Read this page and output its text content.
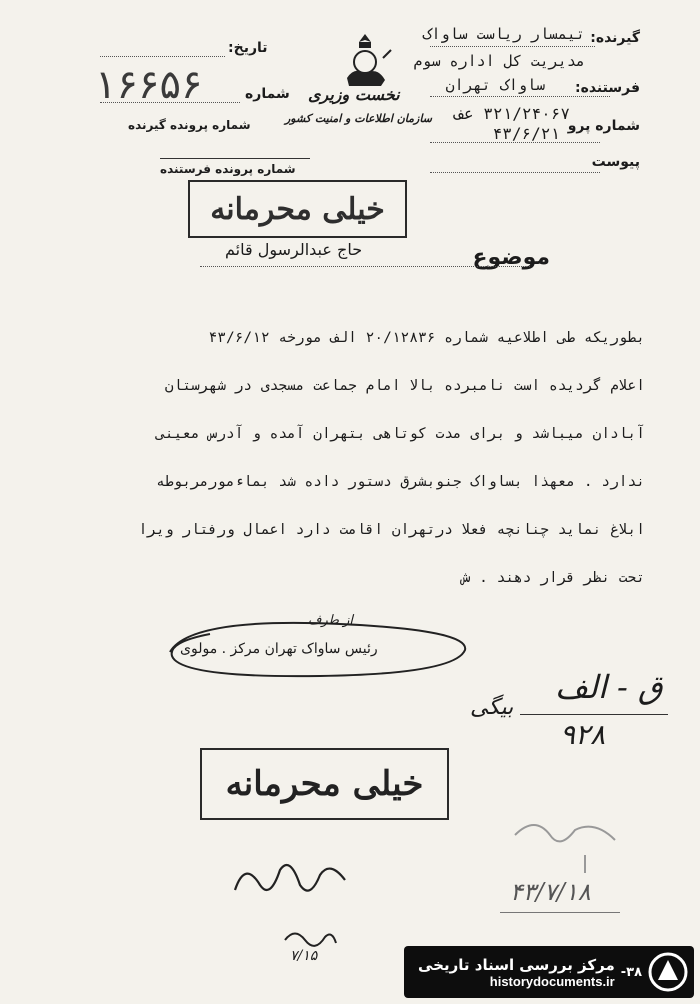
گیرنده:
تیمسار ریاست ساواک
مدیریت کل اداره سوم
فرستنده:
ساواک تهران
شماره پرو
۳۲۱/۲۴۰۶۷ عف
۴۳/۶/۲۱
پیوست
نخست وزیری
سازمان اطلاعات و امنیت کشور
تاریخ:
شماره
شماره پرونده گیرنده
شماره پرونده فرستنده
۱۶۶۵۶
خیلی محرمانه
موضوع
حاج عبدالرسول قائم
بطوریکه طی اطلاعیه شماره ۲۰/۱۲۸۳۶ الف مورخه ۴۳/۶/۱۲
اعلام گردیده است نامبرده بالا امام جماعت مسجدی در شهرستان
آبادان میباشد و برای مدت کوتاهی بتهران آمده و آدرس معینی
ندارد . معهذا بساواک جنوبشرق دستور داده شد بماءمورمربوطه
ابلاغ نماید چنانچه فعلا درتهران اقامت دارد اعمال ورفتار ویرا
تحت نظر قرار دهند . ش
از طرف
رئیس ساواک تهران مرکز . مولوی
ق - الف
۹۲۸
بیگی
خیلی محرمانه
۴۳/۷/۱۸
۷/۱۵	مرکز بررسی اسناد تاریخی
historydocuments.ir
-۳۸
